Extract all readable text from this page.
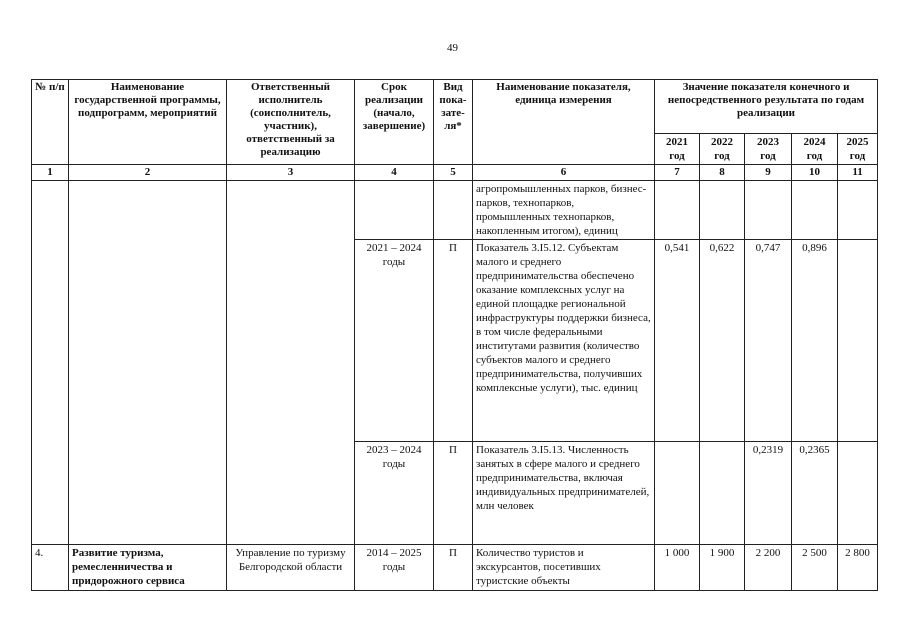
49
№ п/п	Наименование государственной программы, подпрограмм, мероприятий	Ответственный исполнитель (соисполнитель, участник), ответственный за реализацию	Срок реализации (начало, завершение)	Вид пока-зате-ля*	Наименование показателя, единица измерения	Значение показателя конечного и непосредственного результата по годам реализации				
						2021 год	2022 год	2023 год	2024 год	2025 год
1	2	3	4	5	6	7	8	9	10	11
					агропромышленных парков, бизнес-парков, технопарков, промышленных технопарков, накопленным итогом), единиц					
			2021 – 2024 годы	П	Показатель 3.I5.12. Субъектам малого и среднего предпринимательства обеспечено оказание комплексных услуг на единой площадке региональной инфраструктуры поддержки бизнеса, в том числе федеральными институтами развития (количество субъектов малого и среднего предпринимательства, получивших комплексные услуги), тыс. единиц	0,541	0,622	0,747	0,896	
			2023 – 2024 годы	П	Показатель 3.I5.13. Численность занятых в сфере малого и среднего предпринимательства, включая индивидуальных предпринимателей, млн человек			0,2319	0,2365	
4.	Развитие туризма, ремесленничества и придорожного сервиса	Управление по туризму Белгородской области	2014 – 2025 годы	П	Количество туристов и экскурсантов, посетивших туристские объекты	1 000	1 900	2 200	2 500	2 800
